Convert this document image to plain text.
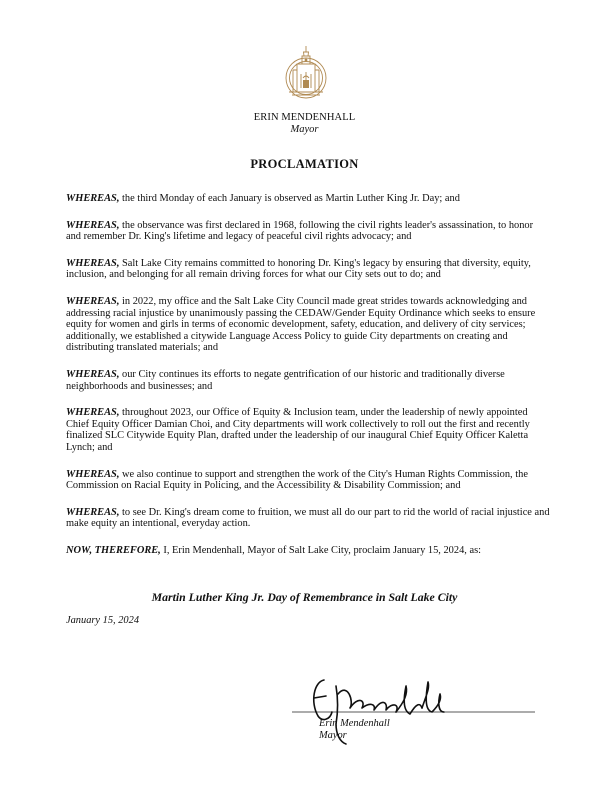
ERIN MENDENHALL
Mayor
PROCLAMATION

WHEREAS, the third Monday of each January is observed as Martin Luther King Jr. Day; and

WHEREAS, the observance was first declared in 1968, following the civil rights leader's assassination, to honor and remember Dr. King's lifetime and legacy of peaceful civil rights advocacy; and

WHEREAS, Salt Lake City remains committed to honoring Dr. King's legacy by ensuring that diversity, equity, inclusion, and belonging for all remain driving forces for what our City sets out to do; and

WHEREAS, in 2022, my office and the Salt Lake City Council made great strides towards acknowledging and addressing racial injustice by unanimously passing the CEDAW/Gender Equity Ordinance which seeks to ensure equity for women and girls in terms of economic development, safety, education, and delivery of city services; additionally, we established a citywide Language Access Policy to guide City departments on creating and distributing translated materials; and

WHEREAS, our City continues its efforts to negate gentrification of our historic and traditionally diverse neighborhoods and businesses; and

WHEREAS, throughout 2023, our Office of Equity & Inclusion team, under the leadership of newly appointed Chief Equity Officer Damian Choi, and City departments will work collectively to roll out the first and recently finalized SLC Citywide Equity Plan, drafted under the leadership of our inaugural Chief Equity Officer Kaletta Lynch; and

WHEREAS, we also continue to support and strengthen the work of the City's Human Rights Commission, the Commission on Racial Equity in Policing, and the Accessibility & Disability Commission; and

WHEREAS, to see Dr. King's dream come to fruition, we must all do our part to rid the world of racial injustice and make equity an intentional, everyday action.

NOW, THEREFORE, I, Erin Mendenhall, Mayor of Salt Lake City, proclaim January 15, 2024, as:

Martin Luther King Jr. Day of Remembrance in Salt Lake City
January 15, 2024
Erin Mendenhall
Mayor
